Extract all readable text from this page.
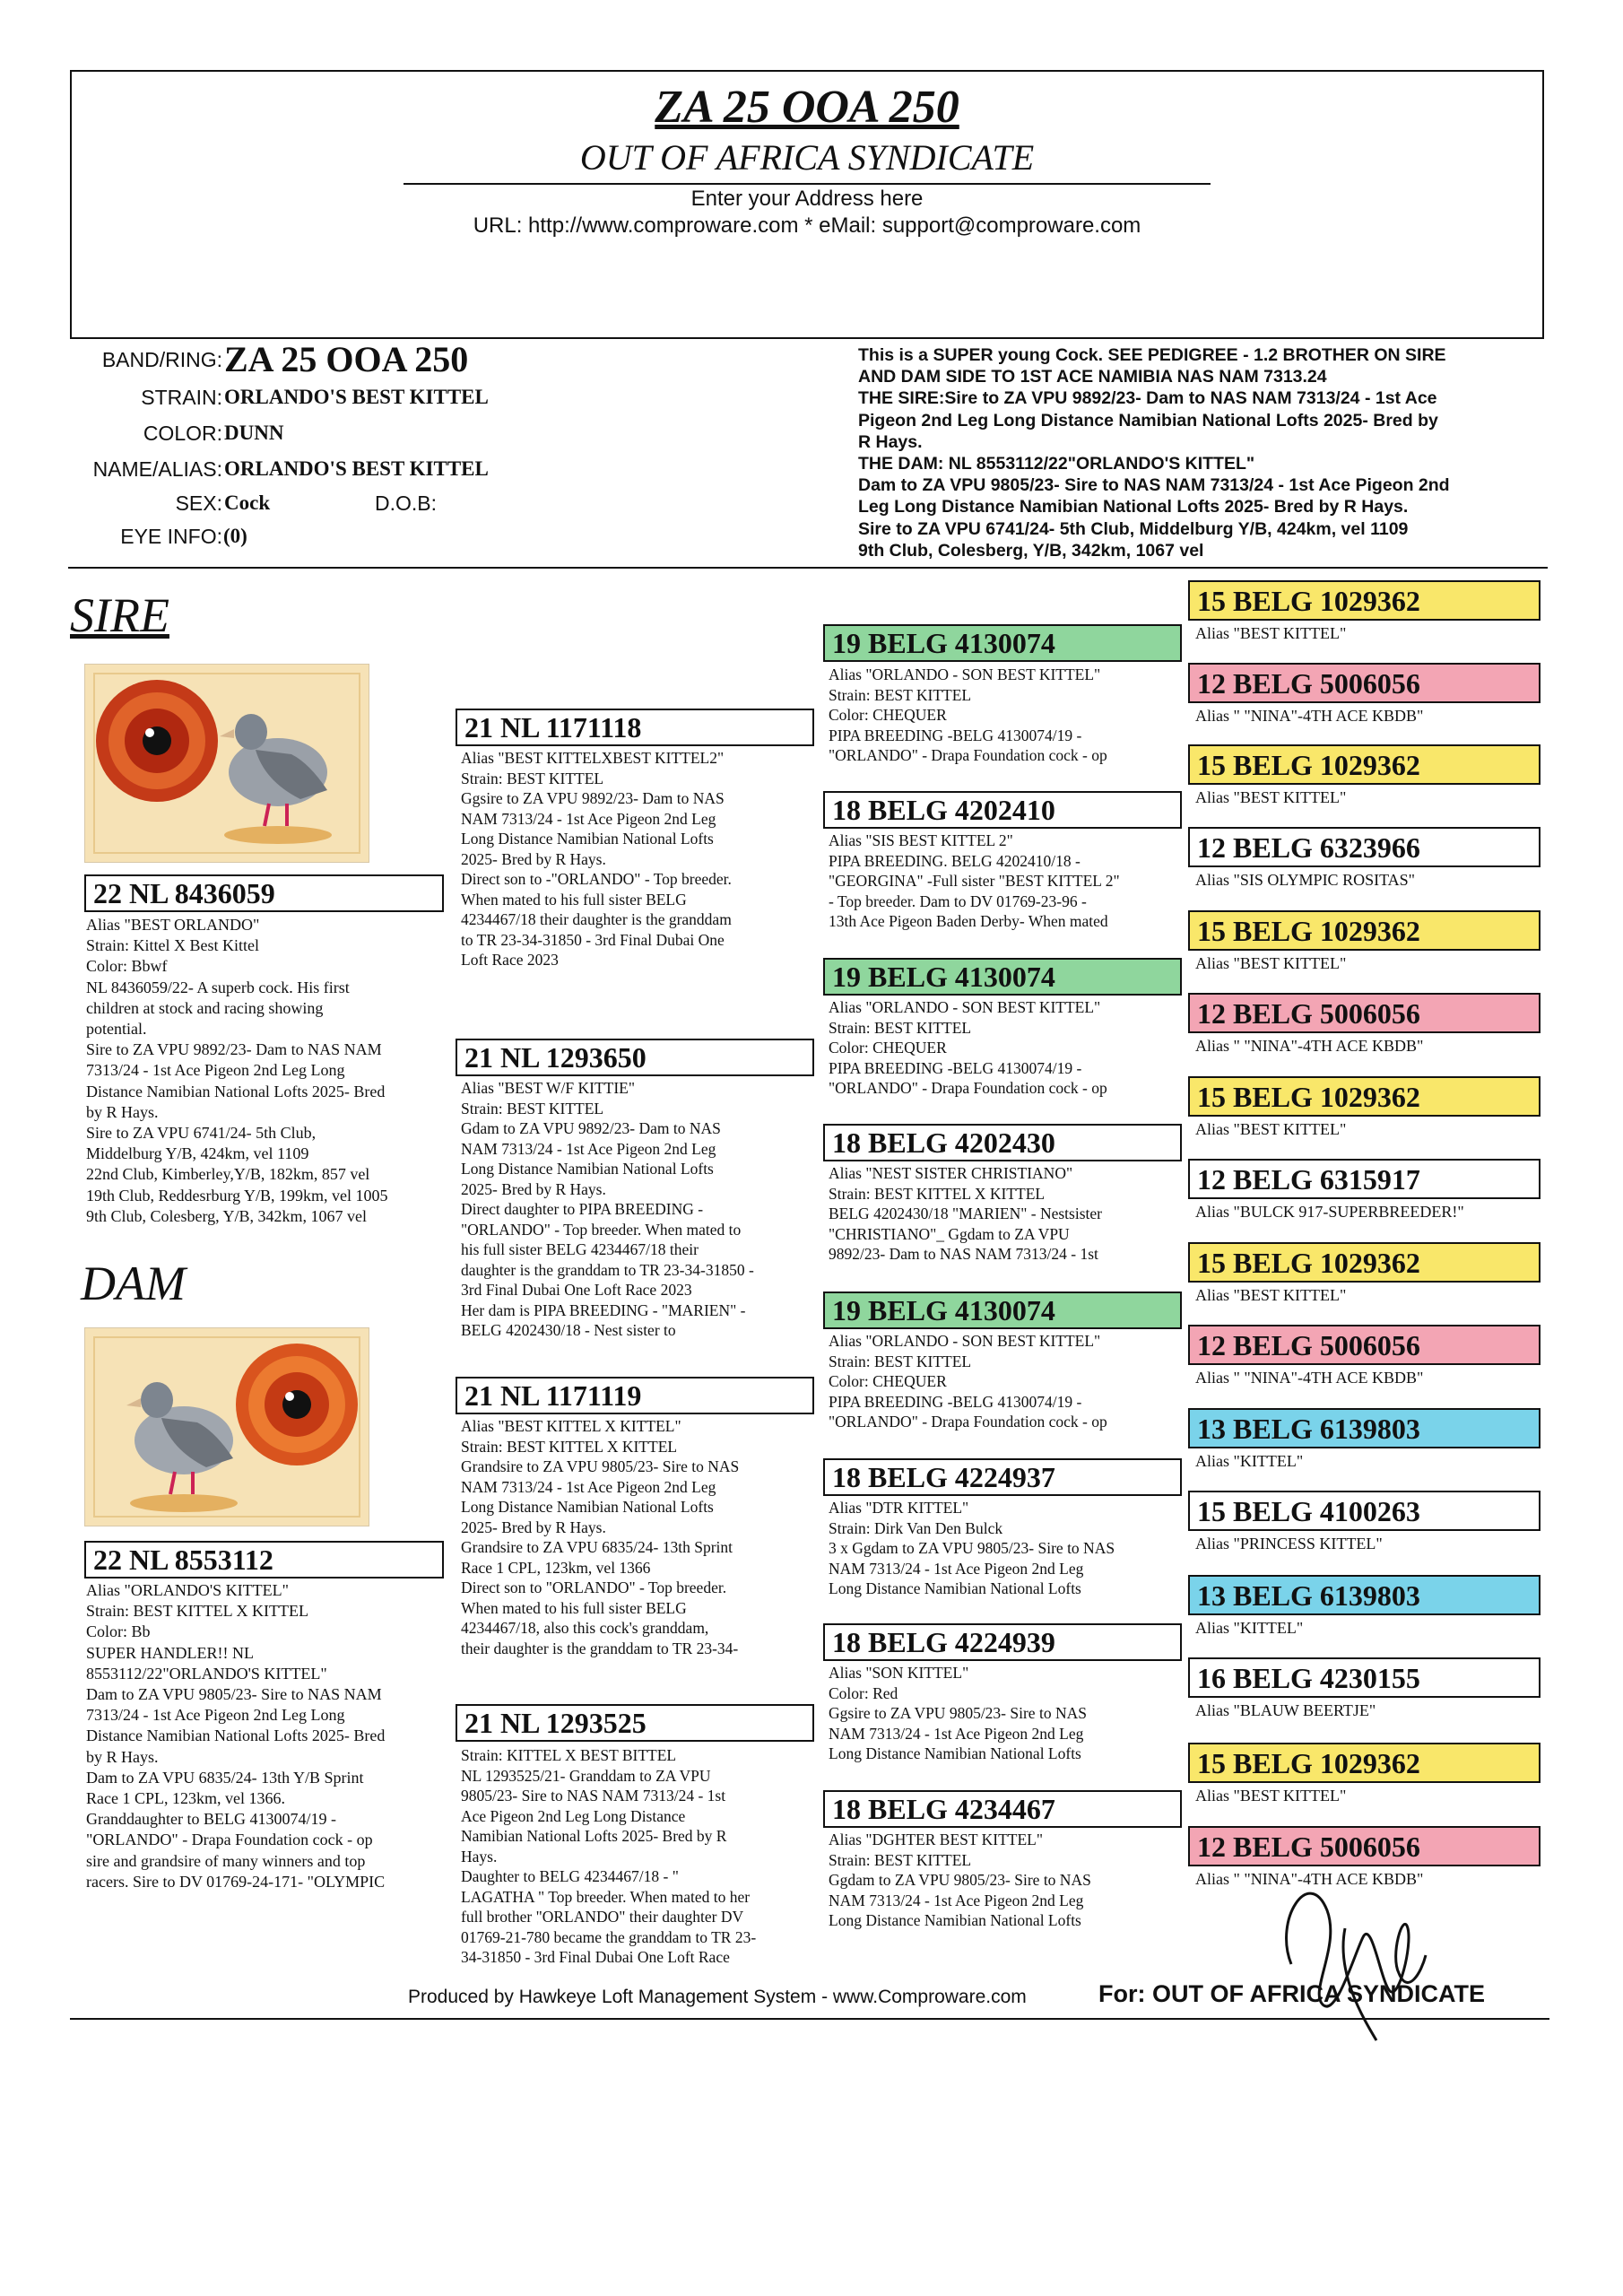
ZA 25 OOA 250
OUT OF AFRICA SYNDICATE
Enter your Address here
URL: http://www.comproware.com * eMail: support@comproware.com
BAND/RING: ZA 25 OOA 250
STRAIN: ORLANDO'S BEST KITTEL
COLOR: DUNN
NAME/ALIAS: ORLANDO'S BEST KITTEL
SEX: Cock	D.O.B:
EYE INFO: (0)
This is a SUPER young Cock. SEE PEDIGREE - 1.2 BROTHER ON SIRE
AND DAM SIDE TO 1ST ACE NAMIBIA NAS NAM 7313.24
THE SIRE:Sire to ZA VPU 9892/23- Dam to NAS NAM 7313/24 - 1st Ace
Pigeon 2nd Leg Long Distance Namibian National Lofts 2025- Bred by
R Hays.
THE DAM: NL 8553112/22"ORLANDO'S KITTEL"
Dam to ZA VPU 9805/23- Sire to NAS NAM 7313/24 - 1st Ace Pigeon 2nd
Leg Long Distance Namibian National Lofts 2025- Bred by R Hays.
Sire to ZA VPU 6741/24- 5th Club, Middelburg Y/B, 424km, vel 1109
9th Club, Colesberg, Y/B, 342km, 1067 vel
SIRE
22 NL 8436059
Alias "BEST ORLANDO"
Strain: Kittel X Best Kittel
Color: Bbwf
NL 8436059/22- A superb cock. His first
children at stock and racing showing
potential.
Sire to ZA VPU 9892/23- Dam to NAS NAM
7313/24 - 1st Ace Pigeon 2nd Leg Long
Distance Namibian National Lofts 2025- Bred
by R Hays.
Sire to ZA VPU 6741/24- 5th Club,
Middelburg Y/B, 424km, vel 1109
22nd Club, Kimberley,Y/B, 182km, 857 vel
19th Club, Reddesrburg Y/B, 199km, vel 1005
9th Club, Colesberg, Y/B, 342km, 1067 vel
DAM
22 NL 8553112
Alias "ORLANDO'S KITTEL"
Strain: BEST KITTEL X KITTEL
Color: Bb
SUPER HANDLER!! NL
8553112/22"ORLANDO'S KITTEL"
Dam to ZA VPU 9805/23- Sire to NAS NAM
7313/24 - 1st Ace Pigeon 2nd Leg Long
Distance Namibian National Lofts 2025- Bred
by R Hays.
Dam to ZA VPU 6835/24- 13th Y/B Sprint
Race 1 CPL, 123km, vel 1366.
Granddaughter to BELG 4130074/19 -
"ORLANDO" - Drapa Foundation cock - op
sire and grandsire of many winners and top
racers. Sire to DV 01769-24-171- "OLYMPIC
21 NL 1171118
Alias "BEST KITTELXBEST KITTEL2"
Strain: BEST KITTEL
Ggsire to ZA VPU 9892/23- Dam to NAS
NAM 7313/24 - 1st Ace Pigeon 2nd Leg
Long Distance Namibian National Lofts
2025- Bred by R Hays.
Direct son to -"ORLANDO" - Top breeder.
When mated to his full sister BELG
4234467/18 their daughter is the granddam
to TR 23-34-31850 - 3rd Final Dubai One
Loft Race 2023
21 NL 1293650
Alias "BEST W/F KITTIE"
Strain: BEST KITTEL
Gdam to ZA VPU 9892/23- Dam to NAS
NAM 7313/24 - 1st Ace Pigeon 2nd Leg
Long Distance Namibian National Lofts
2025- Bred by R Hays.
Direct daughter to PIPA BREEDING -
"ORLANDO" - Top breeder. When mated to
his full sister BELG 4234467/18 their
daughter is the granddam to TR 23-34-31850 -
3rd Final Dubai One Loft Race 2023
Her dam is PIPA BREEDING - "MARIEN" -
BELG 4202430/18 - Nest sister to
21 NL 1171119
Alias "BEST KITTEL X KITTEL"
Strain: BEST KITTEL X KITTEL
Grandsire to ZA VPU 9805/23- Sire to NAS
NAM 7313/24 - 1st Ace Pigeon 2nd Leg
Long Distance Namibian National Lofts
2025- Bred by R Hays.
Grandsire to ZA VPU 6835/24- 13th Sprint
Race 1 CPL, 123km, vel 1366
Direct son to "ORLANDO" - Top breeder.
When mated to his full sister BELG
4234467/18, also this cock's granddam,
their daughter is the granddam to TR 23-34-
21 NL 1293525
Strain: KITTEL X BEST BITTEL
NL 1293525/21- Granddam to ZA VPU
9805/23- Sire to NAS NAM 7313/24 - 1st
Ace Pigeon 2nd Leg Long Distance
Namibian National Lofts 2025- Bred by R
Hays.
Daughter to BELG 4234467/18 - "
LAGATHA " Top breeder. When mated to her
full brother "ORLANDO" their daughter DV
01769-21-780 became the granddam to TR 23-
34-31850 - 3rd Final Dubai One Loft Race
19 BELG 4130074
Alias "ORLANDO - SON BEST KITTEL"
Strain: BEST KITTEL
Color: CHEQUER
PIPA BREEDING -BELG 4130074/19 -
"ORLANDO" - Drapa Foundation cock - op
18 BELG 4202410
Alias "SIS BEST KITTEL 2"
PIPA BREEDING. BELG 4202410/18 -
"GEORGINA" -Full sister "BEST KITTEL 2"
- Top breeder. Dam to DV 01769-23-96 -
13th Ace Pigeon Baden Derby- When mated
19 BELG 4130074
Alias "ORLANDO - SON BEST KITTEL"
Strain: BEST KITTEL
Color: CHEQUER
PIPA BREEDING -BELG 4130074/19 -
"ORLANDO" - Drapa Foundation cock - op
18 BELG 4202430
Alias "NEST SISTER CHRISTIANO"
Strain: BEST KITTEL X KITTEL
BELG 4202430/18 "MARIEN" - Nestsister
"CHRISTIANO"_ Ggdam to ZA VPU
9892/23- Dam to NAS NAM 7313/24 - 1st
19 BELG 4130074
Alias "ORLANDO - SON BEST KITTEL"
Strain: BEST KITTEL
Color: CHEQUER
PIPA BREEDING -BELG 4130074/19 -
"ORLANDO" - Drapa Foundation cock - op
18 BELG 4224937
Alias "DTR KITTEL"
Strain: Dirk Van Den Bulck
3 x Ggdam to ZA VPU 9805/23- Sire to NAS
NAM 7313/24 - 1st Ace Pigeon 2nd Leg
Long Distance Namibian National Lofts
18 BELG 4224939
Alias "SON KITTEL"
Color: Red
Ggsire to ZA VPU 9805/23- Sire to NAS
NAM 7313/24 - 1st Ace Pigeon 2nd Leg
Long Distance Namibian National Lofts
18 BELG 4234467
Alias "DGHTER BEST KITTEL"
Strain: BEST KITTEL
Ggdam to ZA VPU 9805/23- Sire to NAS
NAM 7313/24 - 1st Ace Pigeon 2nd Leg
Long Distance Namibian National Lofts
15 BELG 1029362
Alias "BEST KITTEL"
12 BELG 5006056
Alias " "NINA"-4TH ACE KBDB"
15 BELG 1029362
Alias "BEST KITTEL"
12 BELG 6323966
Alias "SIS OLYMPIC ROSITAS"
15 BELG 1029362
Alias "BEST KITTEL"
12 BELG 5006056
Alias " "NINA"-4TH ACE KBDB"
15 BELG 1029362
Alias "BEST KITTEL"
12 BELG 6315917
Alias "BULCK 917-SUPERBREEDER!"
15 BELG 1029362
Alias "BEST KITTEL"
12 BELG 5006056
Alias " "NINA"-4TH ACE KBDB"
13 BELG 6139803
Alias "KITTEL"
15 BELG 4100263
Alias "PRINCESS KITTEL"
13 BELG 6139803
Alias "KITTEL"
16 BELG 4230155
Alias "BLAUW BEERTJE"
15 BELG 1029362
Alias "BEST KITTEL"
12 BELG 5006056
Alias " "NINA"-4TH ACE KBDB"
Produced by Hawkeye Loft Management System - www.Comproware.com	For: OUT OF AFRICA SYNDICATE
